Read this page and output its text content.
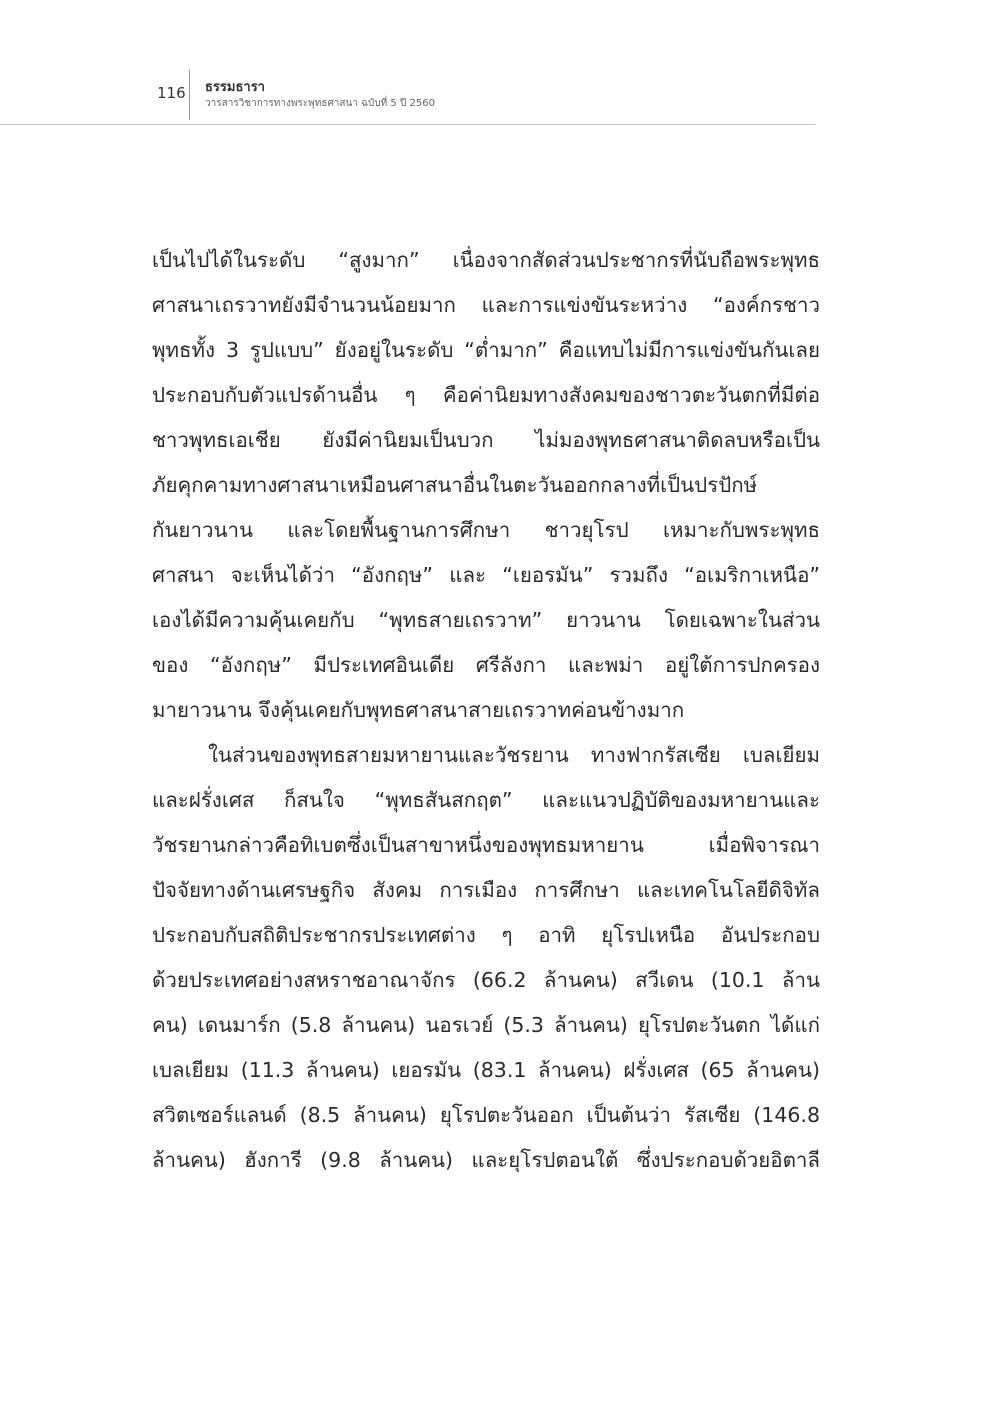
116 ธรรมธารา
วารสารวิชาการทางพระพุทธศาสนา ฉบับที่ 5 ปี 2560
เป็นไปได้ในระดับ “สูงมาก” เนื่องจากสัดส่วนประชากรที่นับถือพระพุทธ
ศาสนาเถรวาทยังมีจำนวนน้อยมาก และการแข่งขันระหว่าง “องค์กรชาว
พุทธทั้ง 3 รูปแบบ” ยังอยู่ในระดับ “ต่ำมาก” คือแทบไม่มีการแข่งขันกันเลย
ประกอบกับตัวแปรด้านอื่น ๆ คือค่านิยมทางสังคมของชาวตะวันตกที่มีต่อ
ชาวพุทธเอเชีย ยังมีค่านิยมเป็นบวก ไม่มองพุทธศาสนาติดลบหรือเป็น
ภัยคุกคามทางศาสนาเหมือนศาสนาอื่นในตะวันออกกลางที่เป็นปรปักษ์
กันยาวนาน และโดยพื้นฐานการศึกษา ชาวยุโรป เหมาะกับพระพุทธ
ศาสนา จะเห็นได้ว่า “อังกฤษ” และ “เยอรมัน” รวมถึง “อเมริกาเหนือ”
เองได้มีความคุ้นเคยกับ “พุทธสายเถรวาท” ยาวนาน โดยเฉพาะในส่วน
ของ “อังกฤษ” มีประเทศอินเดีย ศรีลังกา และพม่า อยู่ใต้การปกครอง
มายาวนาน จึงคุ้นเคยกับพุทธศาสนาสายเถรวาทค่อนข้างมาก
ในส่วนของพุทธสายมหายานและวัชรยาน ทางฟากรัสเซีย เบลเยียม
และฝรั่งเศส ก็สนใจ “พุทธสันสกฤต” และแนวปฏิบัติของมหายานและ
วัชรยานกล่าวคือทิเบตซึ่งเป็นสาขาหนึ่งของพุทธมหายาน เมื่อพิจารณา
ปัจจัยทางด้านเศรษฐกิจ สังคม การเมือง การศึกษา และเทคโนโลยีดิจิทัล
ประกอบกับสถิติประชากรประเทศต่าง ๆ อาทิ ยุโรปเหนือ อันประกอบ
ด้วยประเทศอย่างสหราชอาณาจักร (66.2 ล้านคน) สวีเดน (10.1 ล้าน
คน) เดนมาร์ก (5.8 ล้านคน) นอรเวย์ (5.3 ล้านคน) ยุโรปตะวันตก ได้แก่
เบลเยียม (11.3 ล้านคน) เยอรมัน (83.1 ล้านคน) ฝรั่งเศส (65 ล้านคน)
สวิตเซอร์แลนด์ (8.5 ล้านคน) ยุโรปตะวันออก เป็นต้นว่า รัสเซีย (146.8
ล้านคน) ฮังการี (9.8 ล้านคน) และยุโรปตอนใต้ ซึ่งประกอบด้วยอิตาลี
